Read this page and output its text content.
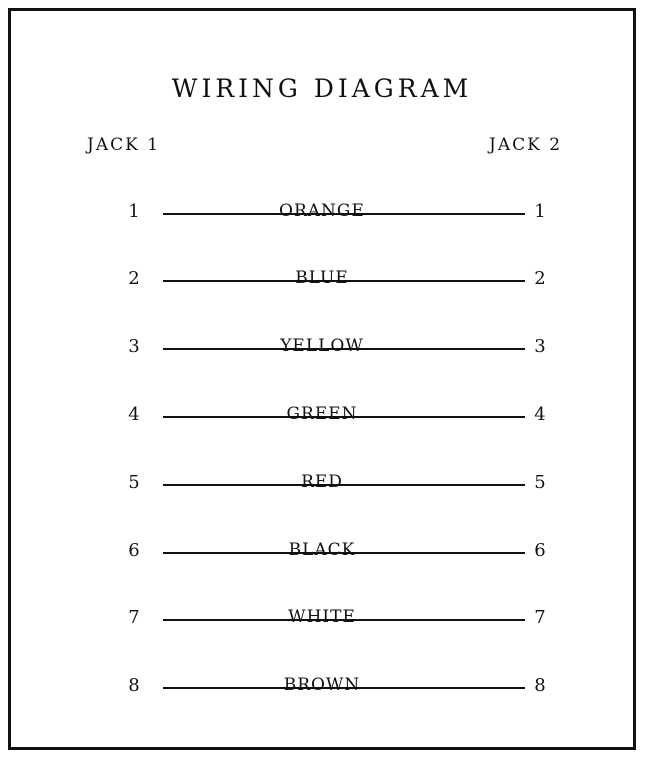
WIRING DIAGRAM
JACK 1	JACK 2
1	ORANGE	1
2	BLUE	2
3	YELLOW	3
4	GREEN	4
5	RED	5
6	BLACK	6
7	WHITE	7
8	BROWN	8
